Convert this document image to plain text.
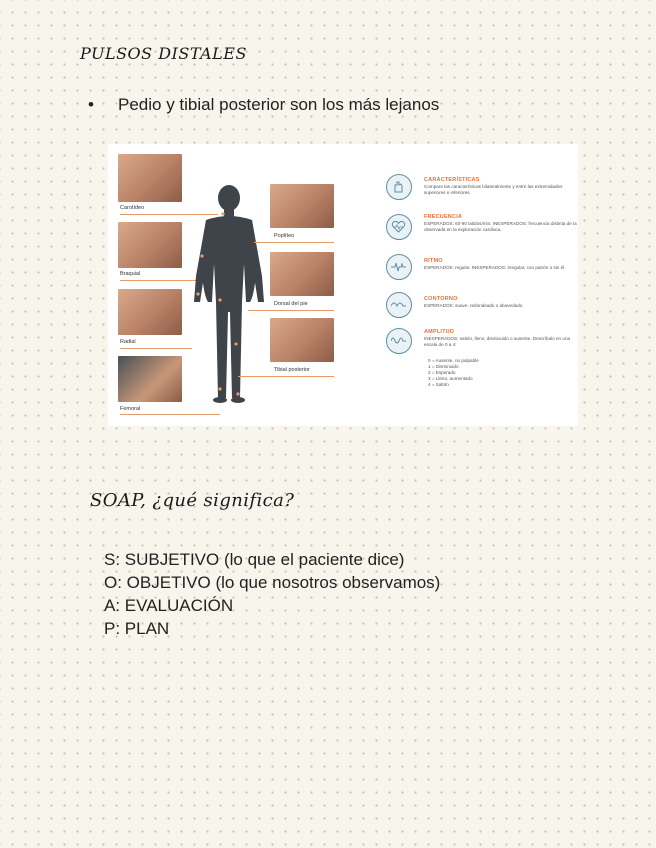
PULSOS DISTALES
• Pedio y tibial posterior son los más lejanos
Carotídeo
Braquial
Radial
Femoral
Poplíteo
Dorsal del pie
Tibial posterior
CARACTERÍSTICAS
Compare las características bilateralmente y entre las extremidades superiores e inferiores.
FRECUENCIA
ESPERADOS: 60-90 latidos/min. INESPERADOS: frecuencia distinta de la observada en la exploración cardíaca.
RITMO
ESPERADOS: regular. INESPERADOS: irregular, con patrón o sin él.
CONTORNO
ESPERADOS: suave, redondeado o abovedado.
AMPLITUD
INESPERADOS: saltón, lleno, disminuido o ausente. Descríbalo en una escala de 0 a 4:
0 = Ausente, no palpable
1 = Disminuido
2 = Esperado
3 = Lleno, aumentado
4 = Saltón
SOAP, ¿qué significa?
S: SUBJETIVO (lo que el paciente dice)
O: OBJETIVO (lo que nosotros observamos)
A: EVALUACIÓN
P: PLAN
